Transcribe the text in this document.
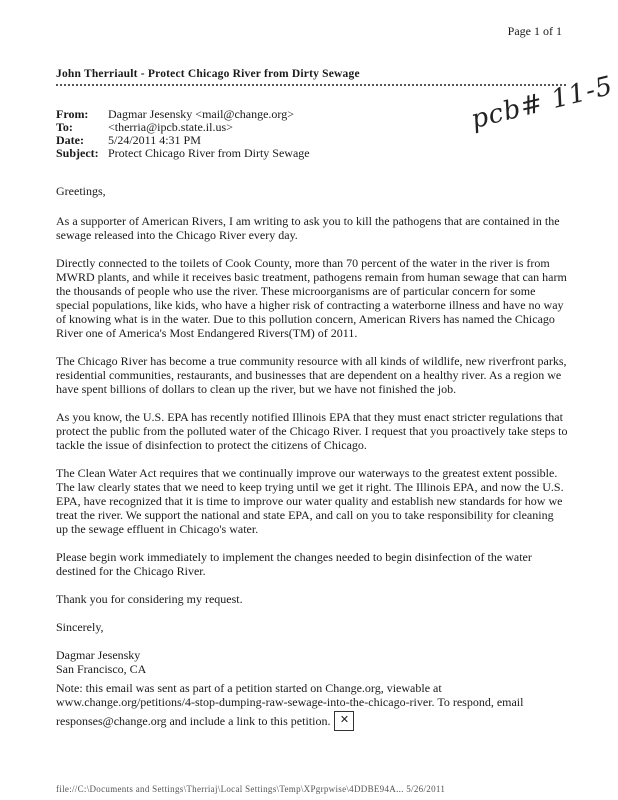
Page 1 of 1
John Therriault - Protect Chicago River from Dirty Sewage
From:	Dagmar Jesensky <mail@change.org>
To:	<therria@ipcb.state.il.us>
Date:	5/24/2011 4:31 PM
Subject: Protect Chicago River from Dirty Sewage
pcb# 11-5

Greetings,

As a supporter of American Rivers, I am writing to ask you to kill the pathogens that are contained in the sewage released into the Chicago River every day.

Directly connected to the toilets of Cook County, more than 70 percent of the water in the river is from MWRD plants, and while it receives basic treatment, pathogens remain from human sewage that can harm the thousands of people who use the river. These microorganisms are of particular concern for some special populations, like kids, who have a higher risk of contracting a waterborne illness and have no way of knowing what is in the water. Due to this pollution concern, American Rivers has named the Chicago River one of America's Most Endangered Rivers(TM) of 2011.

The Chicago River has become a true community resource with all kinds of wildlife, new riverfront parks, residential communities, restaurants, and businesses that are dependent on a healthy river. As a region we have spent billions of dollars to clean up the river, but we have not finished the job.

As you know, the U.S. EPA has recently notified Illinois EPA that they must enact stricter regulations that protect the public from the polluted water of the Chicago River. I request that you proactively take steps to tackle the issue of disinfection to protect the citizens of Chicago.

The Clean Water Act requires that we continually improve our waterways to the greatest extent possible. The law clearly states that we need to keep trying until we get it right. The Illinois EPA, and now the U.S. EPA, have recognized that it is time to improve our water quality and establish new standards for how we treat the river. We support the national and state EPA, and call on you to take responsibility for cleaning up the sewage effluent in Chicago's water.

Please begin work immediately to implement the changes needed to begin disinfection of the water destined for the Chicago River.

Thank you for considering my request.

Sincerely,

Dagmar Jesensky

San Francisco, CA

Note: this email was sent as part of a petition started on Change.org, viewable at
www.change.org/petitions/4-stop-dumping-raw-sewage-into-the-chicago-river. To respond, email
responses@change.org and include a link to this petition. ✕
file://C:\Documents and Settings\Therriaj\Local Settings\Temp\XPgrpwise\4DDBE94A... 5/26/2011
